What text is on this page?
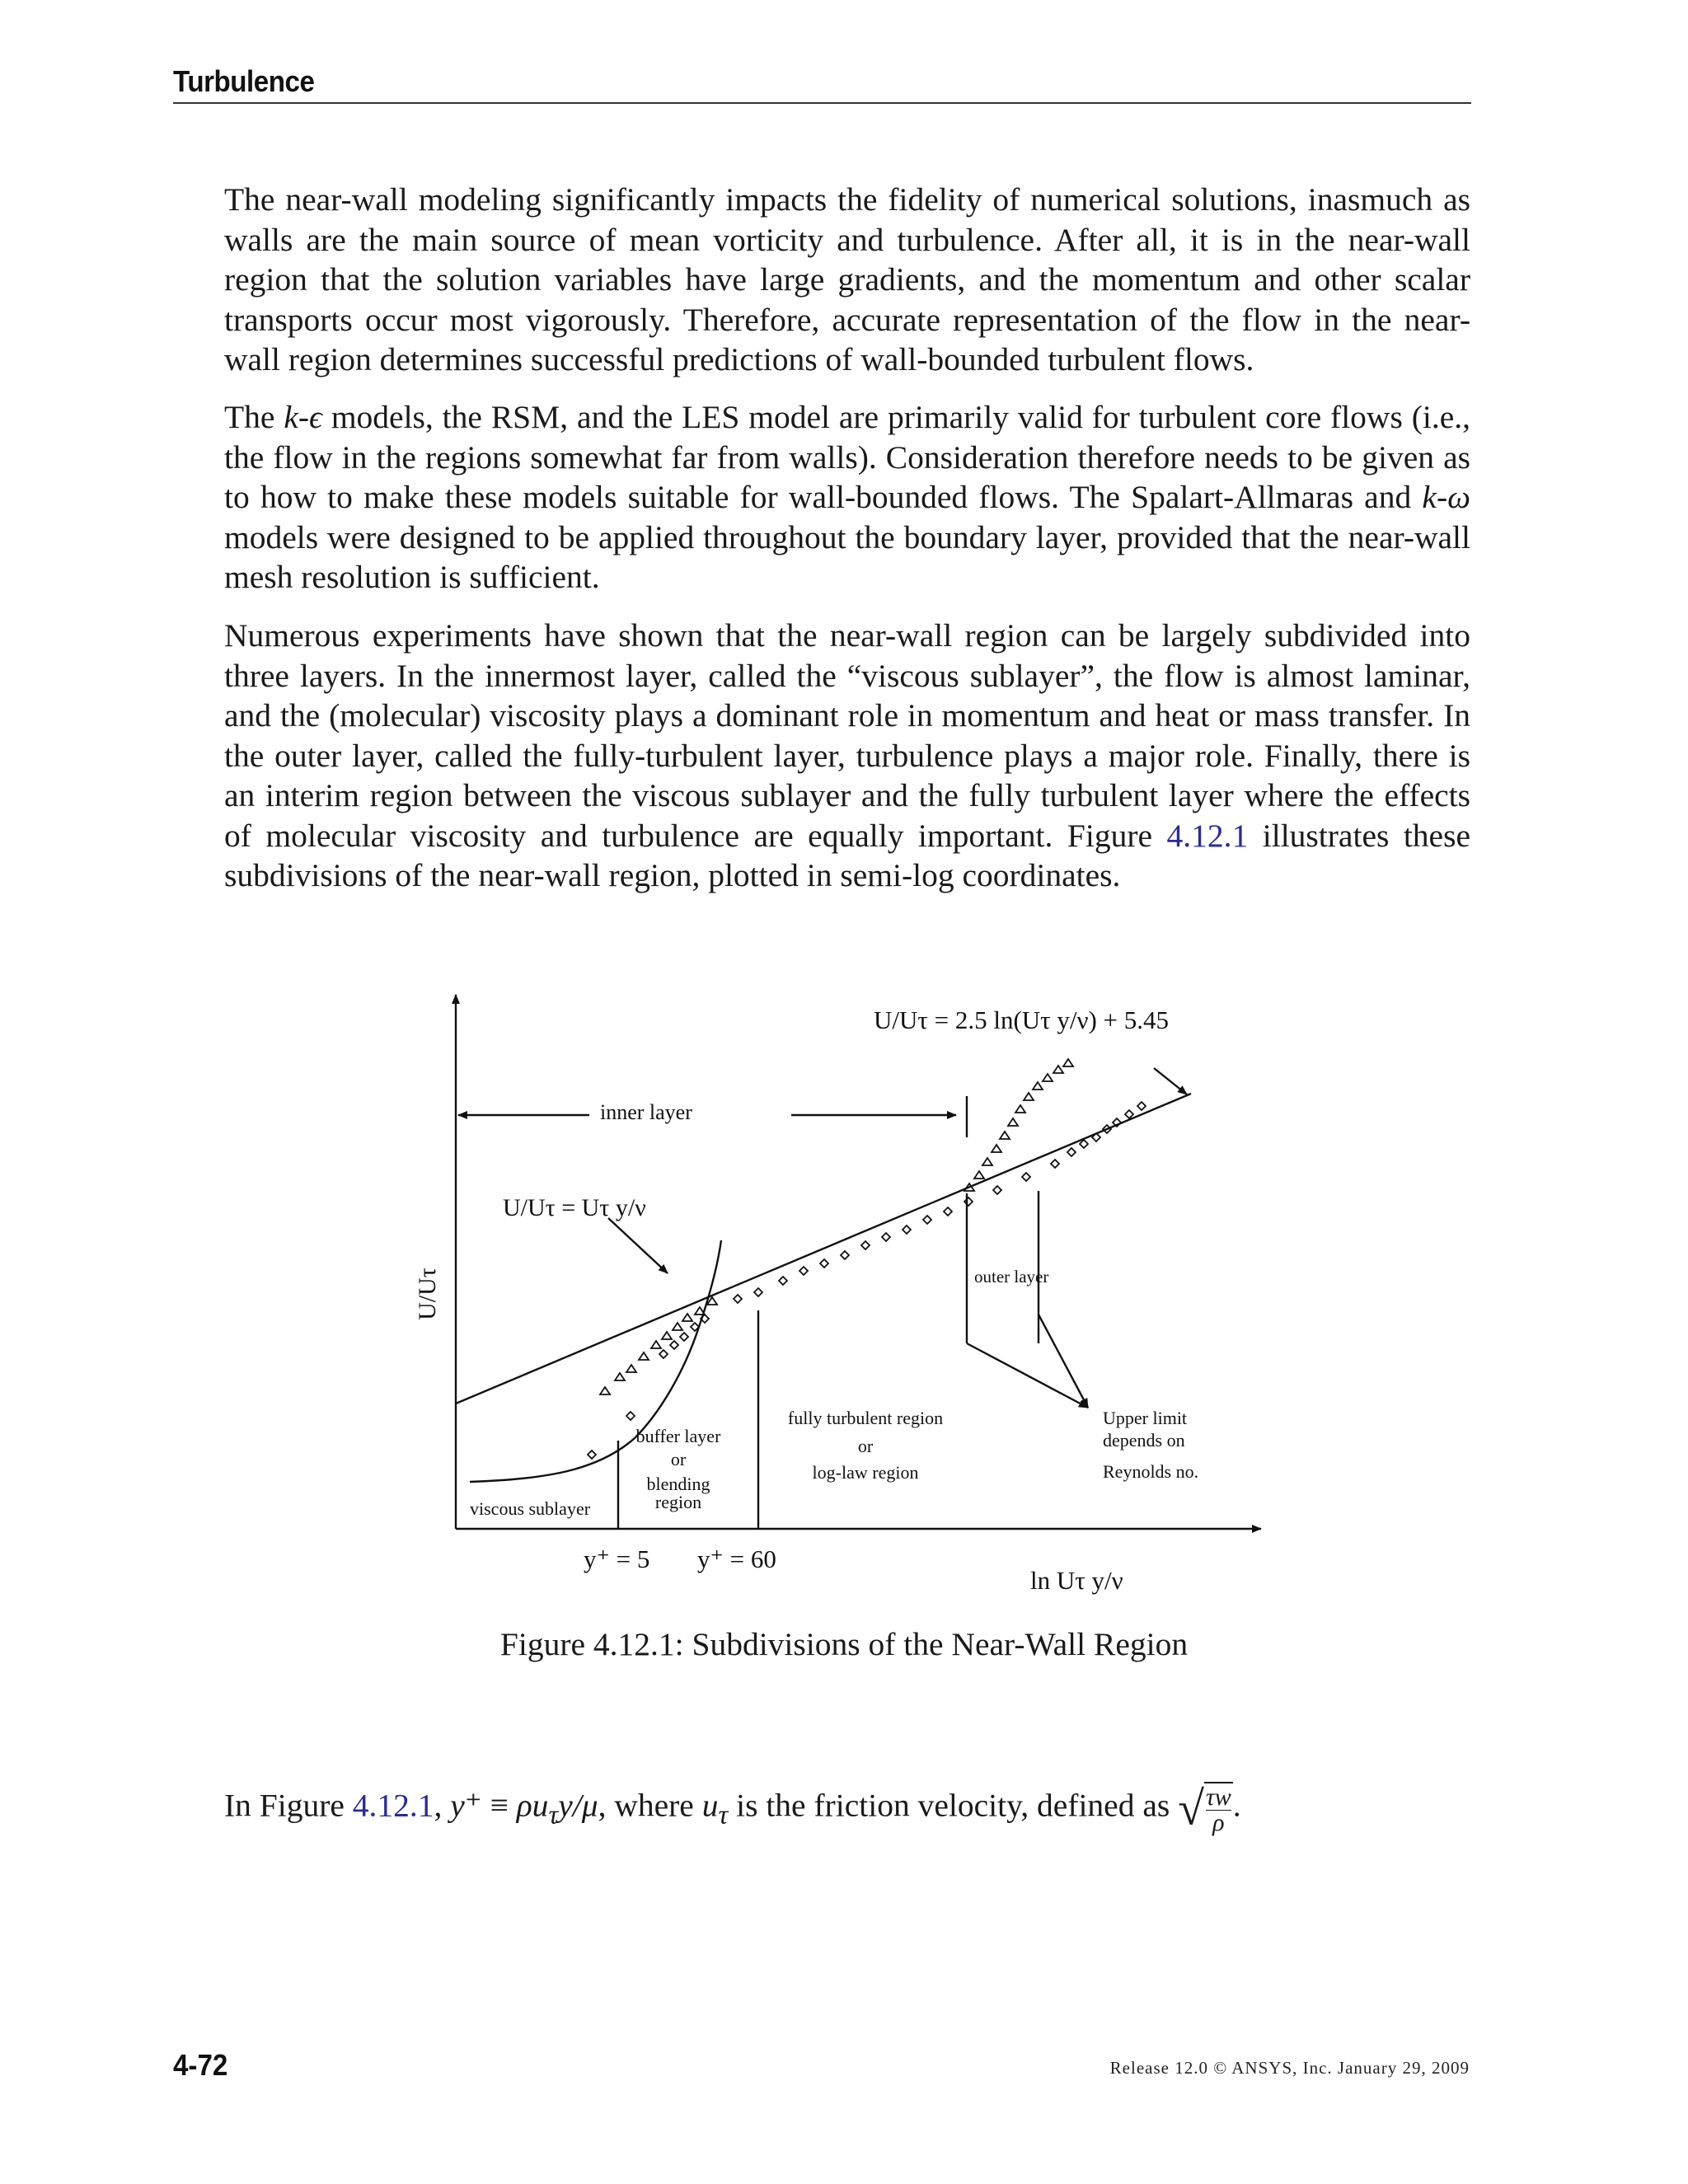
Turbulence

The near-wall modeling significantly impacts the fidelity of numerical solutions, inasmuch as walls are the main source of mean vorticity and turbulence. After all, it is in the near-wall region that the solution variables have large gradients, and the momentum and other scalar transports occur most vigorously. Therefore, accurate representation of the flow in the near-wall region determines successful predictions of wall-bounded turbulent flows.

The k-ϵ models, the RSM, and the LES model are primarily valid for turbulent core flows (i.e., the flow in the regions somewhat far from walls). Consideration therefore needs to be given as to how to make these models suitable for wall-bounded flows. The Spalart-Allmaras and k-ω models were designed to be applied throughout the boundary layer, provided that the near-wall mesh resolution is sufficient.

Numerous experiments have shown that the near-wall region can be largely subdivided into three layers. In the innermost layer, called the “viscous sublayer”, the flow is almost laminar, and the (molecular) viscosity plays a dominant role in momentum and heat or mass transfer. In the outer layer, called the fully-turbulent layer, turbulence plays a major role. Finally, there is an interim region between the viscous sublayer and the fully turbulent layer where the effects of molecular viscosity and turbulence are equally important. Figure 4.12.1 illustrates these subdivisions of the near-wall region, plotted in semi-log coordinates.

U/Uτ
U/Uτ = 2.5 ln(Uτ y/ν) + 5.45
inner layer
U/Uτ = Uτ y/ν
outer layer
viscous sublayer
buffer layer
or
blending
region
fully turbulent region
or
log-law region
Upper limit
depends on
Reynolds no.
y⁺ = 5 y⁺ = 60
ln Uτ y/ν
Figure 4.12.1: Subdivisions of the Near-Wall Region

In Figure 4.12.1, $y^+ \equiv \rho u_\tau y/\mu$, where $u_\tau$ is the friction velocity, defined as √ $\frac{\tau w}{\rho}$ .

4-72	Release 12.0 © ANSYS, Inc. January 29, 2009
